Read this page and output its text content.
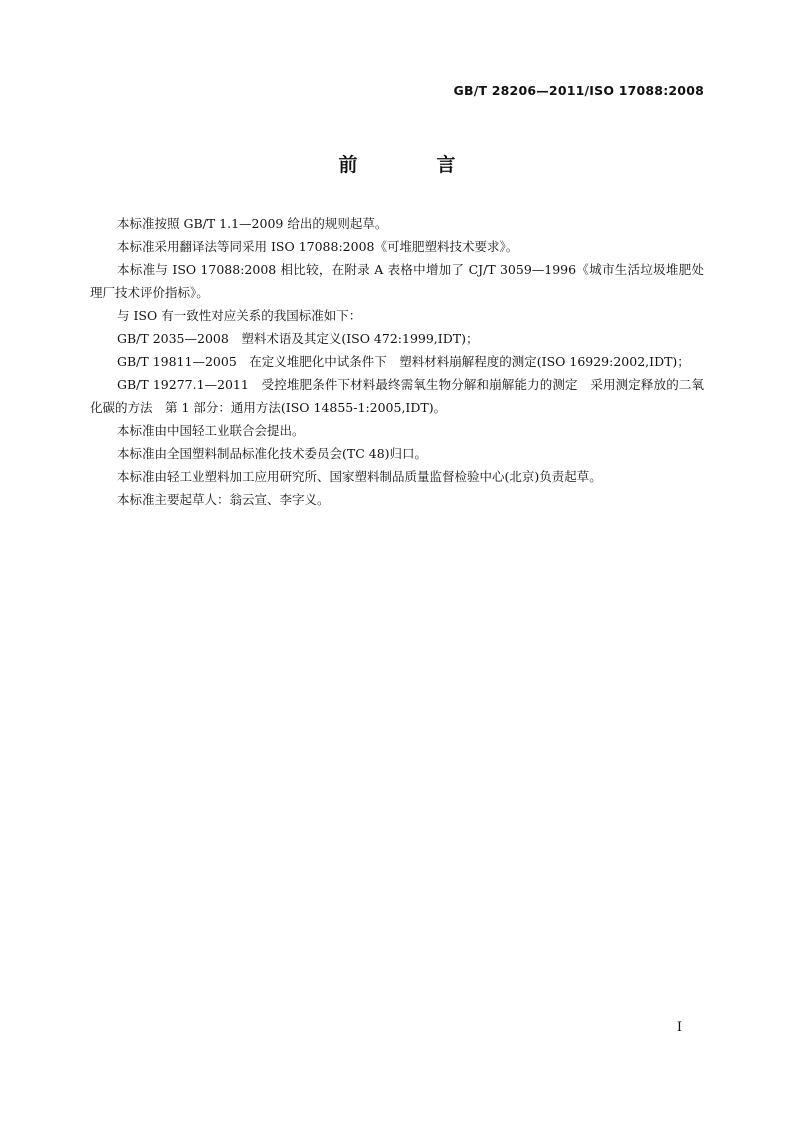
GB/T 28206—2011/ISO 17088:2008
前　言

本标准按照 GB/T 1.1—2009 给出的规则起草。

本标准采用翻译法等同采用 ISO 17088:2008《可堆肥塑料技术要求》。

本标准与 ISO 17088:2008 相比较，在附录 A 表格中增加了 CJ/T 3059—1996《城市生活垃圾堆肥处理厂技术评价指标》。

与 ISO 有一致性对应关系的我国标准如下：

GB/T 2035—2008　塑料术语及其定义(ISO 472:1999,IDT)；

GB/T 19811—2005　在定义堆肥化中试条件下　塑料材料崩解程度的测定(ISO 16929:2002,IDT)；

GB/T 19277.1—2011　受控堆肥条件下材料最终需氧生物分解和崩解能力的测定　采用测定释放的二氧化碳的方法　第 1 部分：通用方法(ISO 14855-1:2005,IDT)。

本标准由中国轻工业联合会提出。

本标准由全国塑料制品标准化技术委员会(TC 48)归口。

本标准由轻工业塑料加工应用研究所、国家塑料制品质量监督检验中心(北京)负责起草。

本标准主要起草人：翁云宣、李字义。

I
